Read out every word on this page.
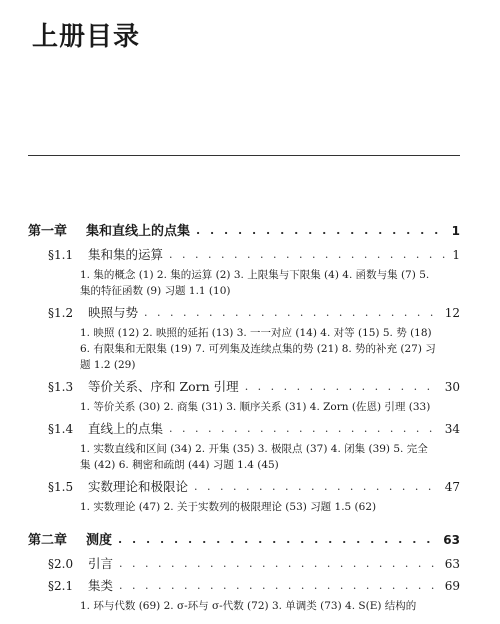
上册目录
第一章	集和直线上的点集 . . .	1
§1.1	集和集的运算 . . .	1
1. 集的概念 (1) 2. 集的运算 (2) 3. 上限集与下限集 (4) 4. 函数与集 (7) 5. 集的特征函数 (9) 习题 1.1 (10)
§1.2	映照与势 . . .	12
1. 映照 (12) 2. 映照的延拓 (13) 3. 一一对应 (14) 4. 对等 (15) 5. 势 (18) 6. 有限集和无限集 (19) 7. 可列集及连续点集的势 (21) 8. 势的补充 (27) 习题 1.2 (29)
§1.3	等价关系、序和 Zorn 引理 . . .	30
1. 等价关系 (30) 2. 商集 (31) 3. 顺序关系 (31) 4. Zorn (佐恩) 引理 (33)
§1.4	直线上的点集 . . .	34
1. 实数直线和区间 (34) 2. 开集 (35) 3. 极限点 (37) 4. 闭集 (39) 5. 完全集 (42) 6. 稠密和疏朗 (44) 习题 1.4 (45)
§1.5	实数理论和极限论 . . .	47
1. 实数理论 (47) 2. 关于实数列的极限理论 (53) 习题 1.5 (62)
第二章	测度 . . .	63
§2.0	引言 . . .	63
§2.1	集类 . . .	69
1. 环与代数 (69) 2. σ-环与 σ-代数 (72) 3. 单调类 (73) 4. S(E) 结构的
